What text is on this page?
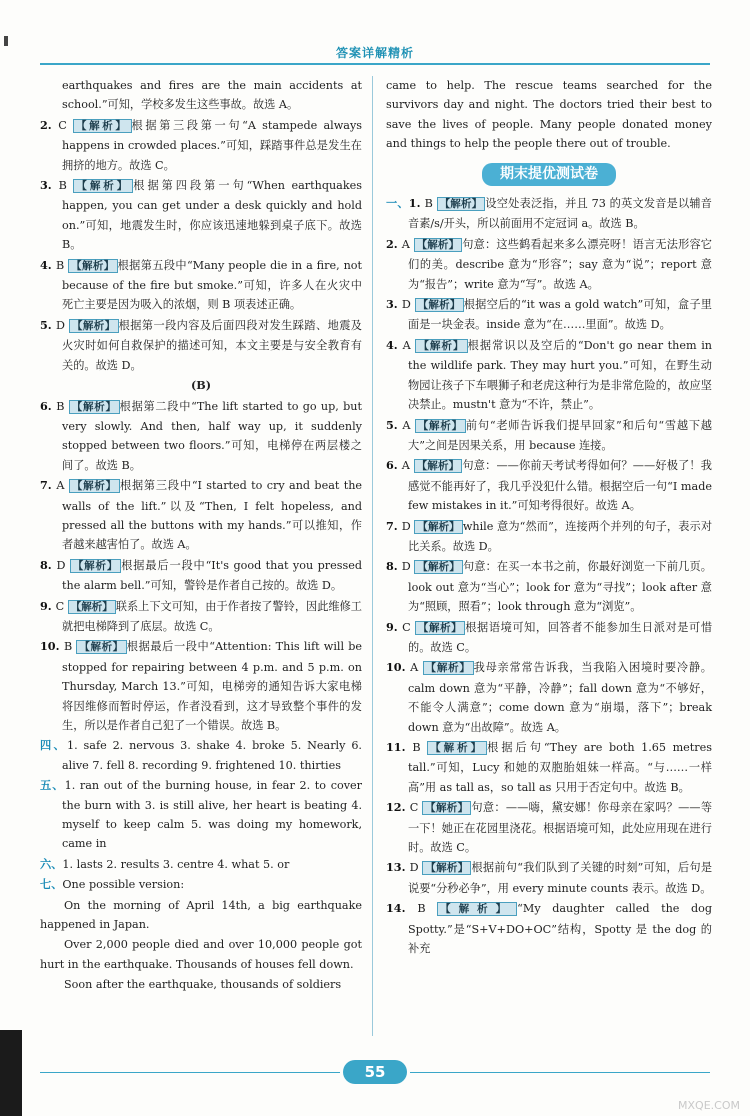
答案详解精析
earthquakes and fires are the main accidents at school.”可知，学校多发生这些事故。故选 A。
2. C 【解析】 根据第三段第一句“A stampede always happens in crowded places.”可知，踩踏事件总是发生在拥挤的地方。故选 C。
3. B 【解析】 根据第四段第一句“When earthquakes happen, you can get under a desk quickly and hold on.”可知，地震发生时，你应该迅速地躲到桌子底下。故选 B。
4. B 【解析】 根据第五段中“Many people die in a fire, not because of the fire but smoke.”可知，许多人在火灾中死亡主要是因为吸入的浓烟，则 B 项表述正确。
5. D 【解析】 根据第一段内容及后面四段对发生踩踏、地震及火灾时如何自救保护的描述可知，本文主要是与安全教育有关的。故选 D。
(B)
6. B 【解析】 根据第二段中“The lift started to go up, but very slowly. And then, half way up, it suddenly stopped between two floors.”可知，电梯停在两层楼之间了。故选 B。
7. A 【解析】 根据第三段中“I started to cry and beat the walls of the lift.”以及“Then, I felt hopeless, and pressed all the buttons with my hands.”可以推知，作者越来越害怕了。故选 A。
8. D 【解析】 根据最后一段中“It's good that you pressed the alarm bell.”可知，警铃是作者自己按的。故选 D。
9. C 【解析】 联系上下文可知，由于作者按了警铃，因此维修工就把电梯降到了底层。故选 C。
10. B 【解析】 根据最后一段中“Attention: This lift will be stopped for repairing between 4 p.m. and 5 p.m. on Thursday, March 13.”可知，电梯旁的通知告诉大家电梯将因维修而暂时停运，作者没看到，这才导致整个事件的发生，所以是作者自己犯了一个错误。故选 B。
四、1. safe 2. nervous 3. shake 4. broke 5. Nearly 6. alive 7. fell 8. recording 9. frightened 10. thirties
五、1. ran out of the burning house, in fear 2. to cover the burn with 3. is still alive, her heart is beating 4. myself to keep calm 5. was doing my homework, came in
六、1. lasts 2. results 3. centre 4. what 5. or
七、One possible version:
On the morning of April 14th, a big earthquake happened in Japan.
Over 2,000 people died and over 10,000 people got hurt in the earthquake. Thousands of houses fell down.
Soon after the earthquake, thousands of soldiers
came to help. The rescue teams searched for the survivors day and night. The doctors tried their best to save the lives of people. Many people donated money and things to help the people there out of trouble.
期末提优测试卷
一、1. B 【解析】 设空处表泛指，并且 73 的英文发音是以辅音音素/s/开头，所以前面用不定冠词 a。故选 B。
2. A 【解析】 句意：这些鹤看起来多么漂亮呀！语言无法形容它们的美。describe 意为“形容”；say 意为“说”；report 意为“报告”；write 意为“写”。故选 A。
3. D 【解析】 根据空后的“it was a gold watch”可知，盒子里面是一块金表。inside 意为“在……里面”。故选 D。
4. A 【解析】 根据常识以及空后的“Don't go near them in the wildlife park. They may hurt you.”可知，在野生动物园让孩子下车喂狮子和老虎这种行为是非常危险的，故应坚决禁止。mustn't 意为“不许，禁止”。
5. A 【解析】 前句“老师告诉我们提早回家”和后句“雪越下越大”之间是因果关系，用 because 连接。
6. A 【解析】 句意：——你前天考试考得如何？——好极了！我感觉不能再好了，我几乎没犯什么错。根据空后一句“I made few mistakes in it.”可知考得很好。故选 A。
7. D 【解析】 while 意为“然而”，连接两个并列的句子，表示对比关系。故选 D。
8. D 【解析】 句意：在买一本书之前，你最好浏览一下前几页。look out 意为“当心”；look for 意为“寻找”；look after 意为“照顾，照看”；look through 意为“浏览”。
9. C 【解析】 根据语境可知，回答者不能参加生日派对是可惜的。故选 C。
10. A 【解析】 我母亲常常告诉我，当我陷入困境时要冷静。calm down 意为“平静，冷静”；fall down 意为“不够好，不能令人满意”；come down 意为“崩塌，落下”；break down 意为“出故障”。故选 A。
11. B 【解析】 根据后句“They are both 1.65 metres tall.”可知，Lucy 和她的双胞胎姐妹一样高。“与……一样高”用 as tall as，so tall as 只用于否定句中。故选 B。
12. C 【解析】 句意：——嗨，黛安娜！你母亲在家吗？——等一下！她正在花园里浇花。根据语境可知，此处应用现在进行时。故选 C。
13. D 【解析】 根据前句“我们队到了关键的时刻”可知，后句是说要“分秒必争”，用 every minute counts 表示。故选 D。
14. B 【解析】 “My daughter called the dog Spotty.”是“S+V+DO+OC”结构，Spotty 是 the dog 的补充
55
MXQE.COM
